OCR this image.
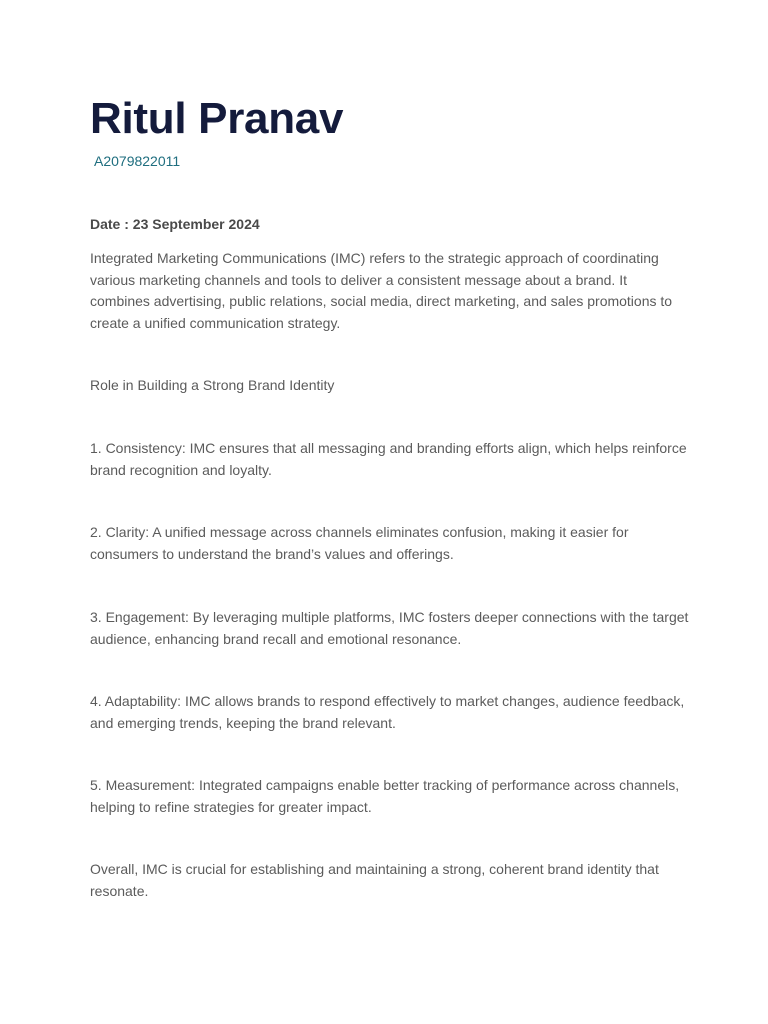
Ritul Pranav
A2079822011
Date : 23 September 2024

Integrated Marketing Communications (IMC) refers to the strategic approach of coordinating various marketing channels and tools to deliver a consistent message about a brand. It combines advertising, public relations, social media, direct marketing, and sales promotions to create a unified communication strategy.

Role in Building a Strong Brand Identity

1. Consistency: IMC ensures that all messaging and branding efforts align, which helps reinforce brand recognition and loyalty.

2. Clarity: A unified message across channels eliminates confusion, making it easier for consumers to understand the brand’s values and offerings.

3. Engagement: By leveraging multiple platforms, IMC fosters deeper connections with the target audience, enhancing brand recall and emotional resonance.

4. Adaptability: IMC allows brands to respond effectively to market changes, audience feedback, and emerging trends, keeping the brand relevant.

5. Measurement: Integrated campaigns enable better tracking of performance across channels, helping to refine strategies for greater impact.

Overall, IMC is crucial for establishing and maintaining a strong, coherent brand identity that resonate.
